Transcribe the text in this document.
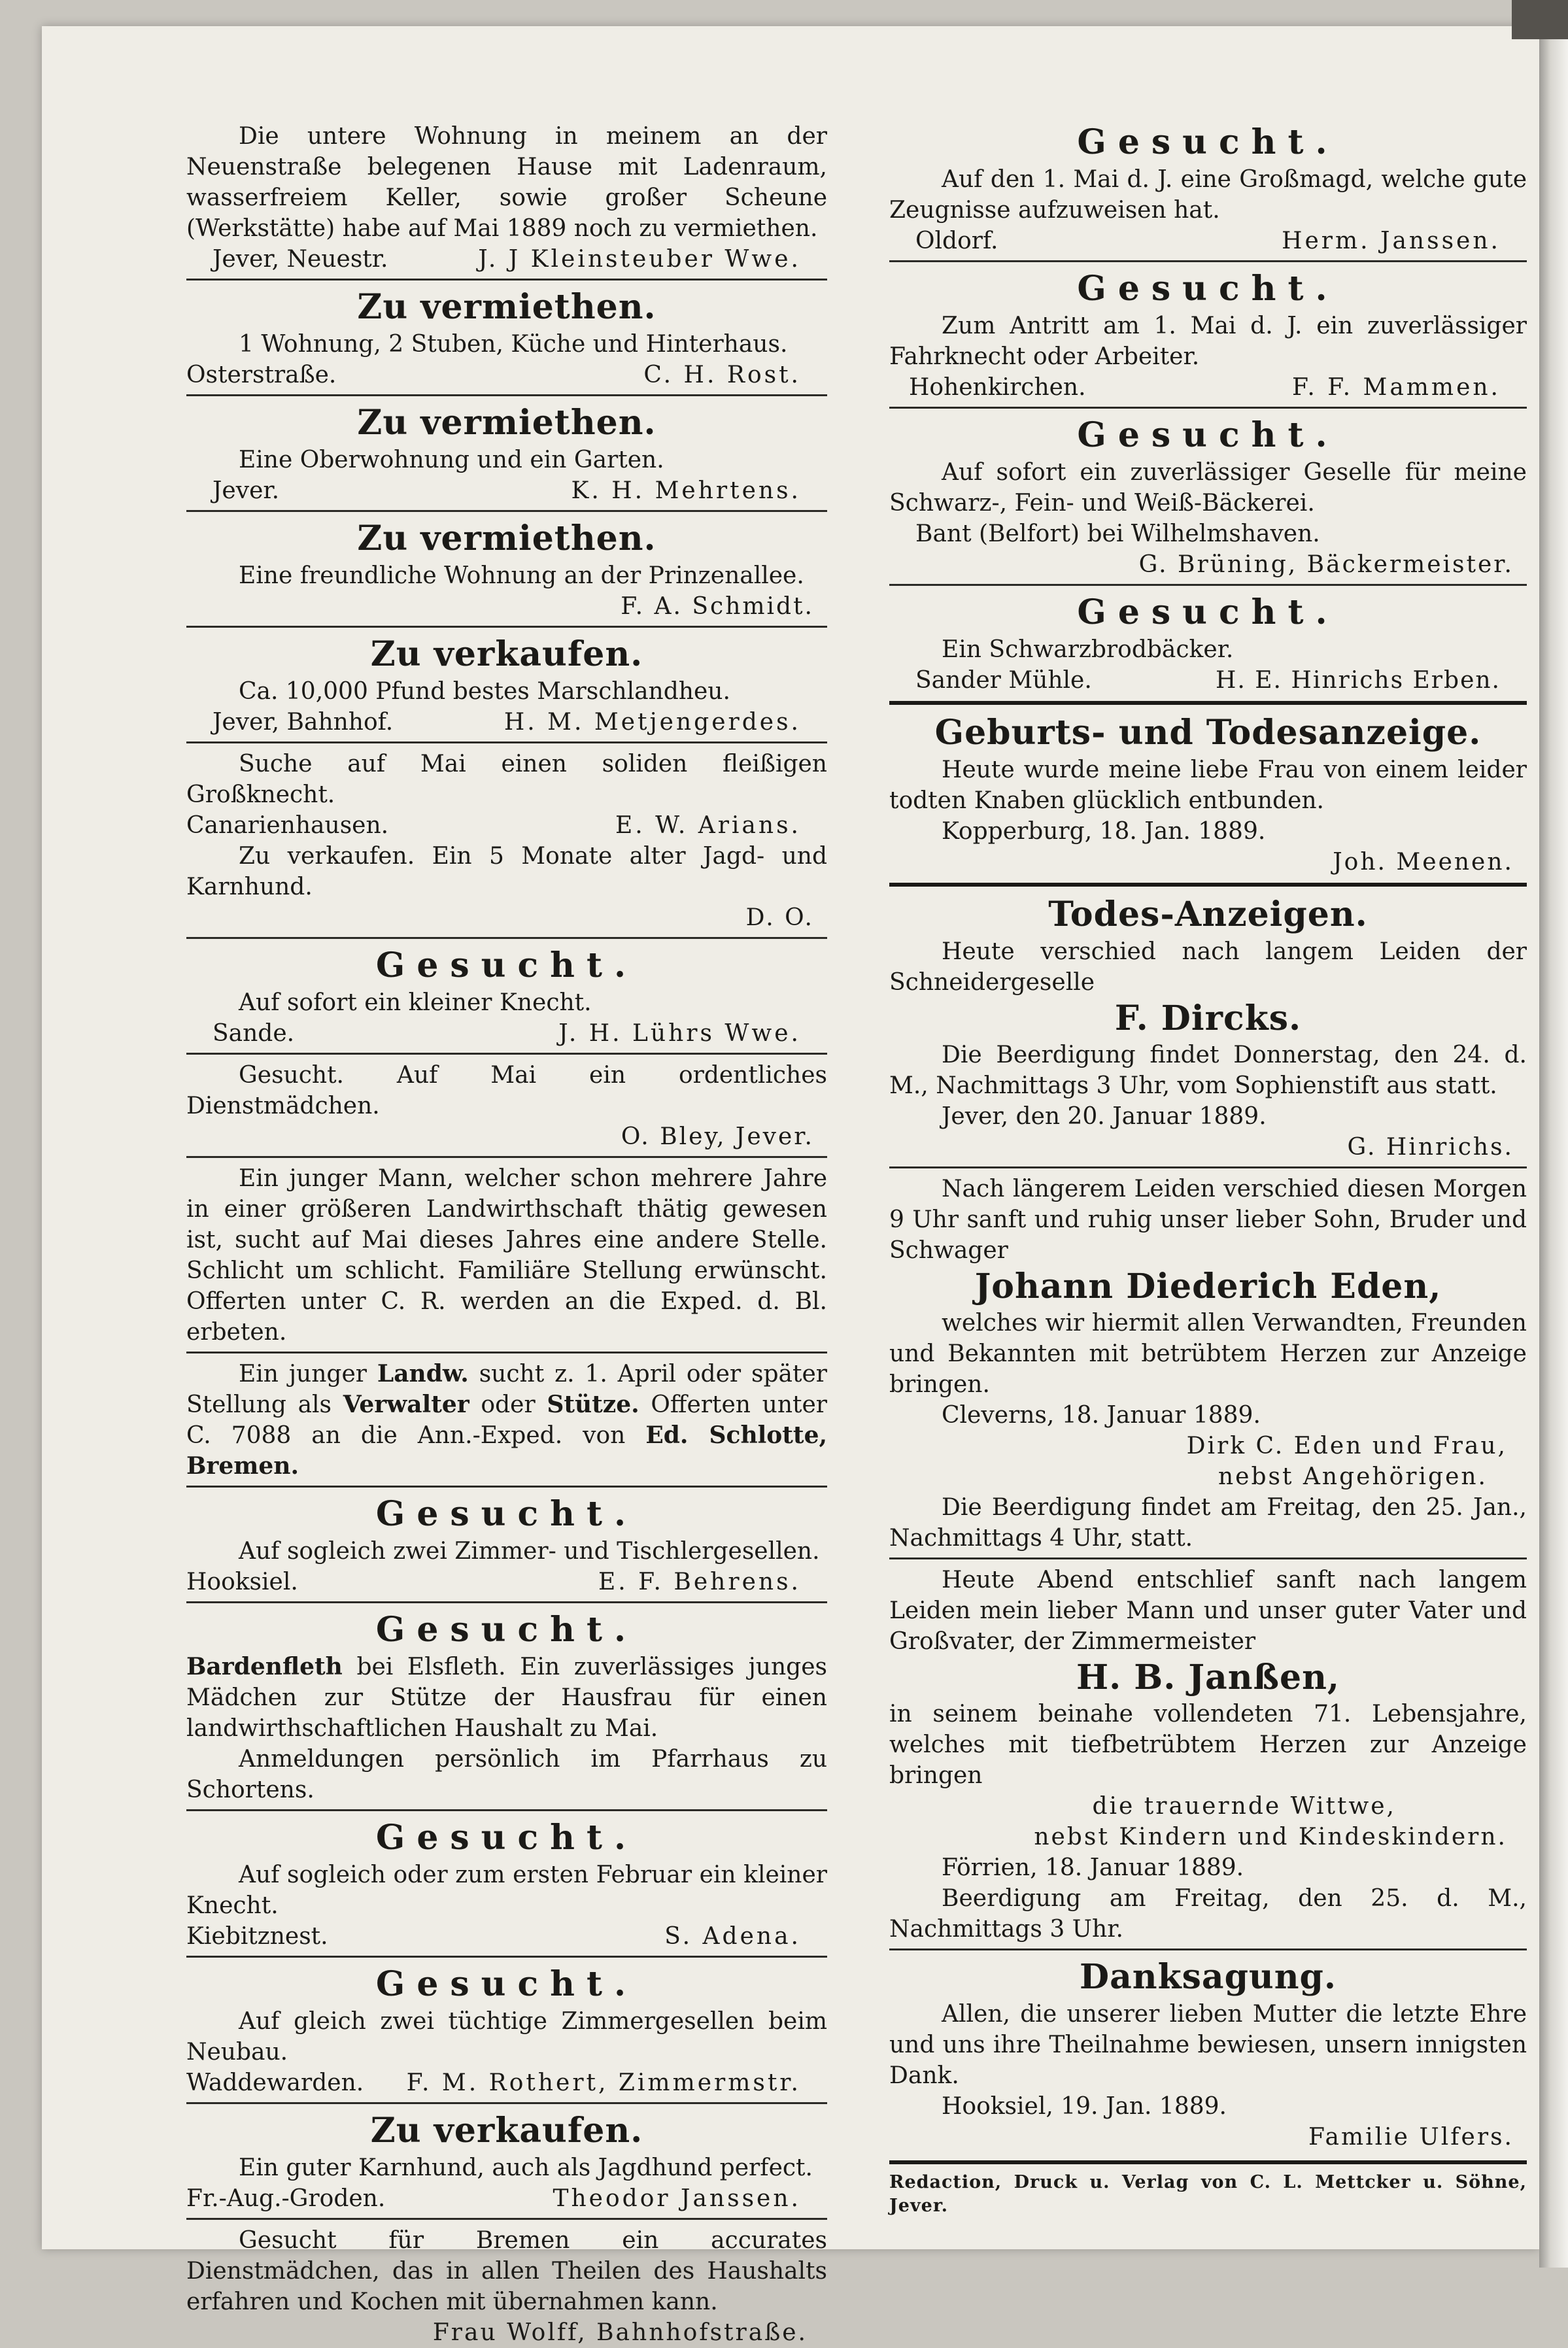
Die untere Wohnung in meinem an der Neuenstraße belegenen Hause mit Ladenraum, wasserfreiem Keller, sowie großer Scheune (Werkstätte) habe auf Mai 1889 noch zu vermiethen.

Jever, Neuestr.	J. J Kleinsteuber Wwe.
Zu vermiethen.

1 Wohnung, 2 Stuben, Küche und Hinterhaus.

Osterstraße.	C. H. Rost.
Zu vermiethen.

Eine Oberwohnung und ein Garten.

Jever.	K. H. Mehrtens.
Zu vermiethen.

Eine freundliche Wohnung an der Prinzenallee.

F. A. Schmidt.
Zu verkaufen.

Ca. 10,000 Pfund bestes Marschlandheu.

Jever, Bahnhof.	H. M. Metjengerdes.

Suche auf Mai einen soliden fleißigen Großknecht.

Canarienhausen.	E. W. Arians.

Zu verkaufen. Ein 5 Monate alter Jagd- und Karnhund.

D. O.
Gesucht.

Auf sofort ein kleiner Knecht.

Sande.	J. H. Lührs Wwe.

Gesucht. Auf Mai ein ordentliches Dienstmädchen.

O. Bley, Jever.

Ein junger Mann, welcher schon mehrere Jahre in einer größeren Landwirthschaft thätig gewesen ist, sucht auf Mai dieses Jahres eine andere Stelle. Schlicht um schlicht. Familiäre Stellung erwünscht. Offerten unter C. R. werden an die Exped. d. Bl. erbeten.

Ein junger Landw. sucht z. 1. April oder später Stellung als Verwalter oder Stütze. Offerten unter C. 7088 an die Ann.-Exped. von Ed. Schlotte, Bremen.

Gesucht.

Auf sogleich zwei Zimmer- und Tischlergesellen.

Hooksiel.	E. F. Behrens.
Gesucht.

Bardenfleth bei Elsfleth. Ein zuverlässiges junges Mädchen zur Stütze der Hausfrau für einen landwirthschaftlichen Haushalt zu Mai.

Anmeldungen persönlich im Pfarrhaus zu Schortens.

Gesucht.

Auf sogleich oder zum ersten Februar ein kleiner Knecht.

Kiebitznest.	S. Adena.
Gesucht.

Auf gleich zwei tüchtige Zimmergesellen beim Neubau.

Waddewarden. F. M. Rothert, Zimmermstr.
Zu verkaufen.

Ein guter Karnhund, auch als Jagdhund perfect.

Fr.-Aug.-Groden.	Theodor Janssen.

Gesucht für Bremen ein accurates Dienstmädchen, das in allen Theilen des Haushalts erfahren und Kochen mit übernahmen kann.

Frau Wolff, Bahnhofstraße.
Gesucht.

Auf den 1. Mai d. J. eine Großmagd, welche gute Zeugnisse aufzuweisen hat.

Oldorf.	Herm. Janssen.
Gesucht.

Zum Antritt am 1. Mai d. J. ein zuverlässiger Fahrknecht oder Arbeiter.

Hohenkirchen.	F. F. Mammen.
Gesucht.

Auf sofort ein zuverlässiger Geselle für meine Schwarz-, Fein- und Weiß-Bäckerei.

Bant (Belfort) bei Wilhelmshaven.

G. Brüning, Bäckermeister.
Gesucht.

Ein Schwarzbrodbäcker.

Sander Mühle.	H. E. Hinrichs Erben.
Geburts- und Todesanzeige.

Heute wurde meine liebe Frau von einem leider todten Knaben glücklich entbunden.

Kopperburg, 18. Jan. 1889.

Joh. Meenen.
Todes-Anzeigen.

Heute verschied nach langem Leiden der Schneidergeselle

F. Dircks.

Die Beerdigung findet Donnerstag, den 24. d. M., Nachmittags 3 Uhr, vom Sophienstift aus statt.

Jever, den 20. Januar 1889.

G. Hinrichs.

Nach längerem Leiden verschied diesen Morgen 9 Uhr sanft und ruhig unser lieber Sohn, Bruder und Schwager

Johann Diederich Eden,

welches wir hiermit allen Verwandten, Freunden und Bekannten mit betrübtem Herzen zur Anzeige bringen.

Cleverns, 18. Januar 1889.

Dirk C. Eden und Frau,
nebst Angehörigen.

Die Beerdigung findet am Freitag, den 25. Jan., Nachmittags 4 Uhr, statt.

Heute Abend entschlief sanft nach langem Leiden mein lieber Mann und unser guter Vater und Großvater, der Zimmermeister

H. B. Janßen,

in seinem beinahe vollendeten 71. Lebensjahre, welches mit tiefbetrübtem Herzen zur Anzeige bringen

die trauernde Wittwe,
nebst Kindern und Kindeskindern.

Förrien, 18. Januar 1889.

Beerdigung am Freitag, den 25. d. M., Nachmittags 3 Uhr.

Danksagung.

Allen, die unserer lieben Mutter die letzte Ehre und uns ihre Theilnahme bewiesen, unsern innigsten Dank.

Hooksiel, 19. Jan. 1889.

Familie Ulfers.
Redaction, Druck u. Verlag von C. L. Mettcker u. Söhne, Jever.
